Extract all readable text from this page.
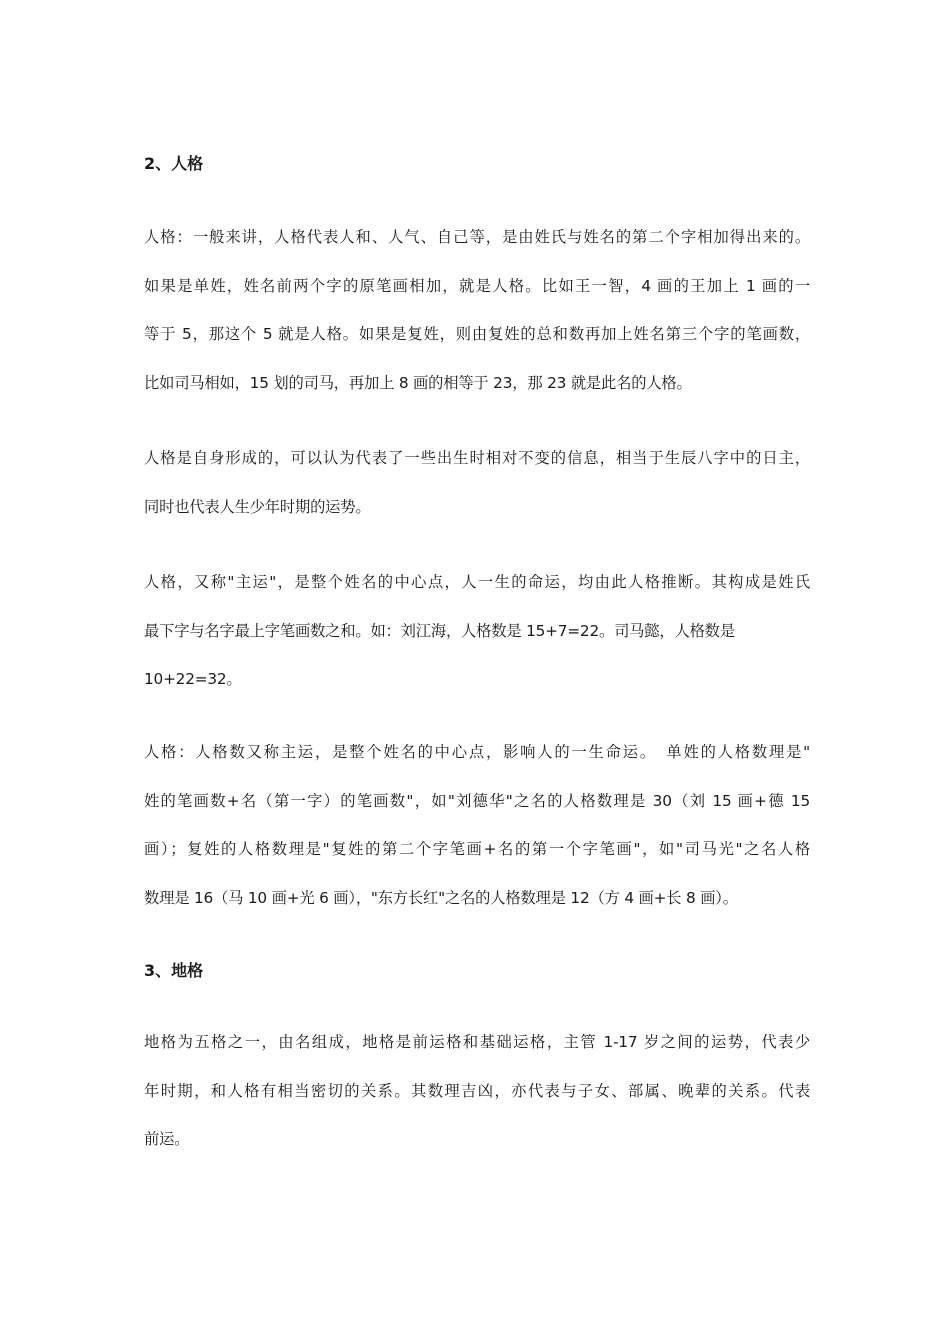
2、人格

人格：一般来讲，人格代表人和、人气、自己等，是由姓氏与姓名的第二个字相加得出来的。
如果是单姓，姓名前两个字的原笔画相加，就是人格。比如王一智，4 画的王加上 1 画的一
等于 5，那这个 5 就是人格。如果是复姓，则由复姓的总和数再加上姓名第三个字的笔画数，
比如司马相如，15 划的司马，再加上 8 画的相等于 23，那 23 就是此名的人格。

人格是自身形成的，可以认为代表了一些出生时相对不变的信息，相当于生辰八字中的日主，
同时也代表人生少年时期的运势。

人格，又称"主运"，是整个姓名的中心点，人一生的命运，均由此人格推断。其构成是姓氏
最下字与名字最上字笔画数之和。如：刘江海，人格数是 15+7=22。司马懿，人格数是
10+22=32。

人格：人格数又称主运，是整个姓名的中心点，影响人的一生命运。　单姓的人格数理是"
姓的笔画数+名（第一字）的笔画数"，如"刘德华"之名的人格数理是 30（刘 15 画+德 15
画）；复姓的人格数理是"复姓的第二个字笔画+名的第一个字笔画"，如"司马光"之名人格
数理是 16（马 10 画+光 6 画），"东方长红"之名的人格数理是 12（方 4 画+长 8 画）。

3、地格

地格为五格之一，由名组成，地格是前运格和基础运格，主管 1-17 岁之间的运势，代表少
年时期，和人格有相当密切的关系。其数理吉凶，亦代表与子女、部属、晚辈的关系。代表
前运。
